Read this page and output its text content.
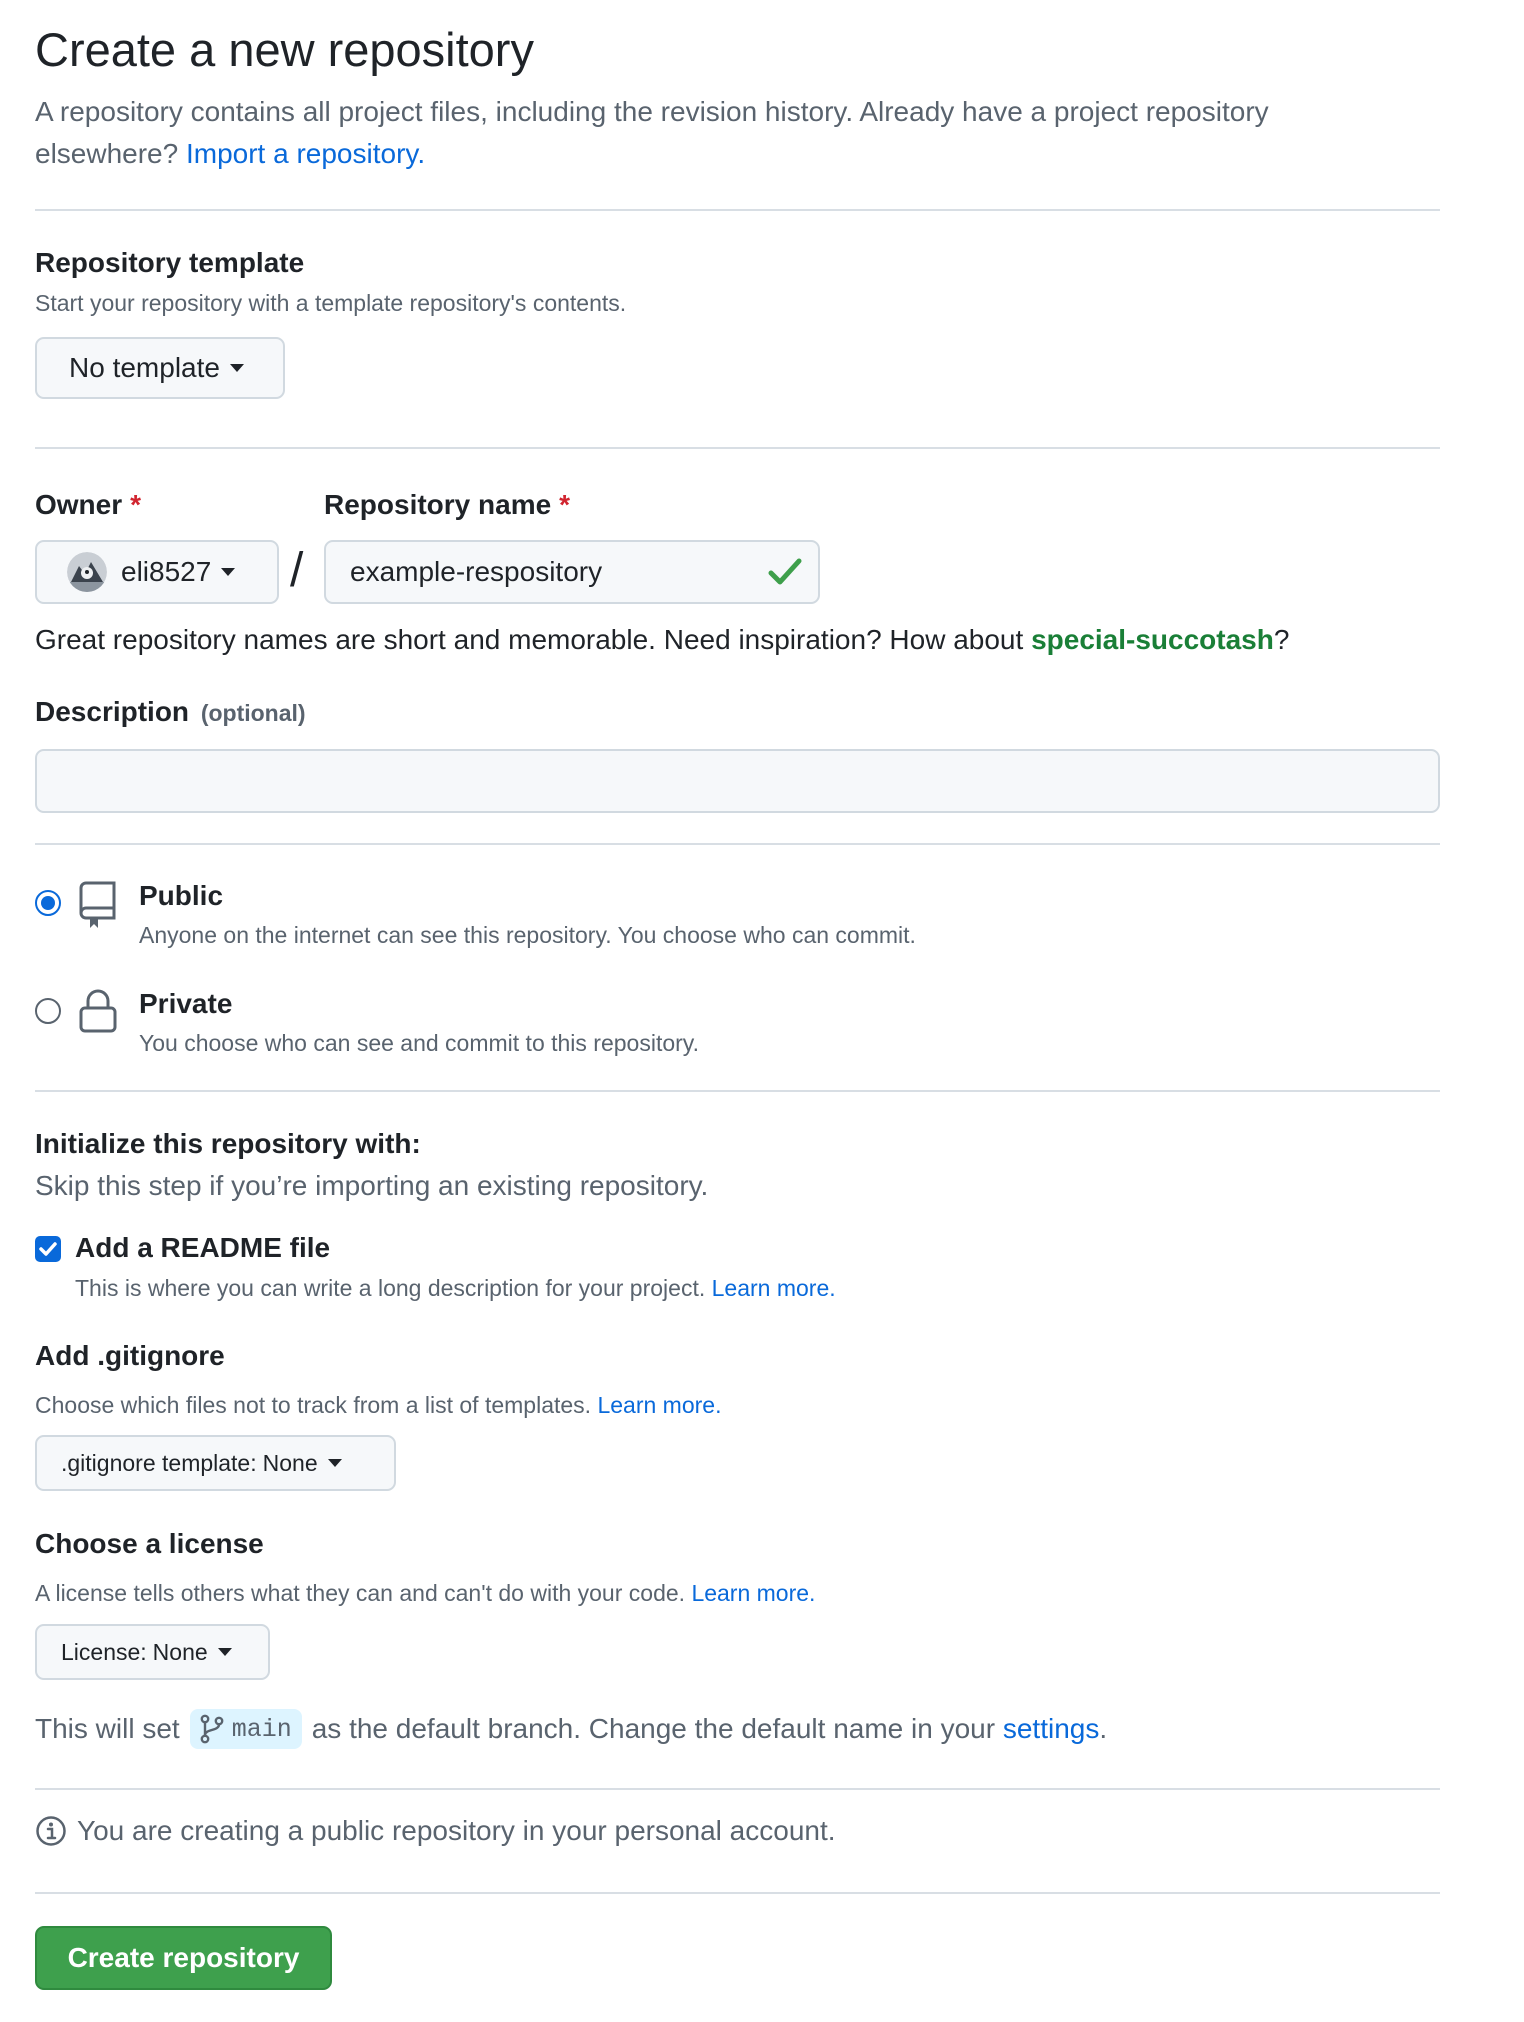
Create a new repository
A repository contains all project files, including the revision history. Already have a project repository elsewhere? Import a repository.
Repository template
Start your repository with a template repository's contents.
No template
Owner *	Repository name *
eli8527 / example-respository
Great repository names are short and memorable. Need inspiration? How about special-succotash?
Description (optional)
Public
Anyone on the internet can see this repository. You choose who can commit.
Private
You choose who can see and commit to this repository.
Initialize this repository with:
Skip this step if you’re importing an existing repository.
Add a README file
This is where you can write a long description for your project. Learn more.
Add .gitignore
Choose which files not to track from a list of templates. Learn more.
.gitignore template: None
Choose a license
A license tells others what they can and can't do with your code. Learn more.
License: None
This will set main as the default branch. Change the default name in your settings.
You are creating a public repository in your personal account.
Create repository
